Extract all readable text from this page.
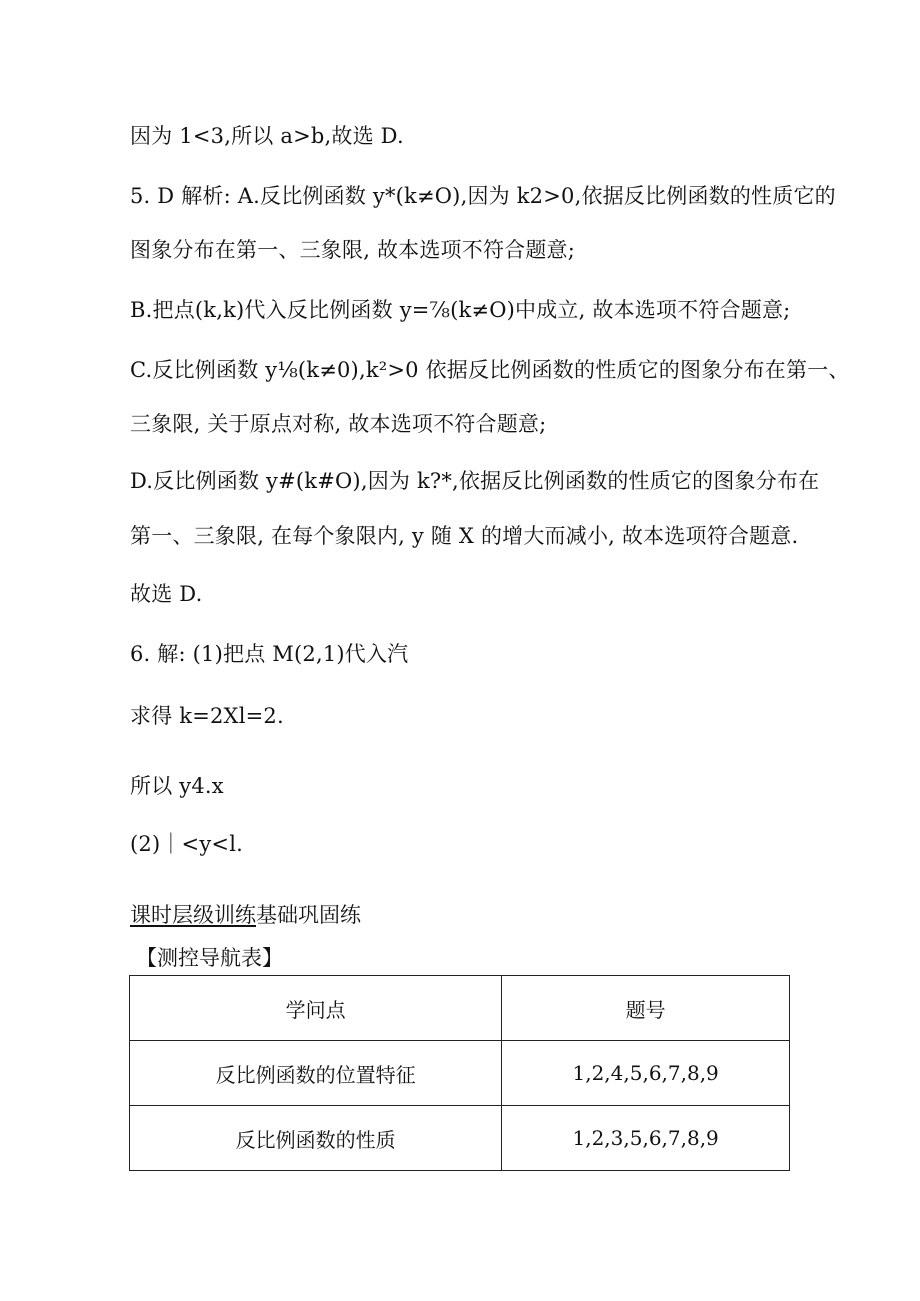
因为 1<3,所以 a>b,故选 D.
5. D 解析: A.反比例函数 y*(k≠O),因为 k2>0,依据反比例函数的性质它的
图象分布在第一、三象限, 故本选项不符合题意;
B.把点(k,k)代入反比例函数 y=⅞(k≠O)中成立, 故本选项不符合题意;
C.反比例函数 y⅛(k≠0),k²>0 依据反比例函数的性质它的图象分布在第一、
三象限, 关于原点对称, 故本选项不符合题意;
D.反比例函数 y#(k#O),因为 k?*,依据反比例函数的性质它的图象分布在
第一、三象限, 在每个象限内, y 随 X 的增大而减小, 故本选项符合题意.
故选 D.
6. 解: (1)把点 M(2,1)代入汽
求得 k=2Xl=2.
所以 y4.x
(2)｜<y<l.
课时层级训练基础巩固练
【测控导航表】
学问点	题号
反比例函数的位置特征	1,2,4,5,6,7,8,9
反比例函数的性质	1,2,3,5,6,7,8,9
